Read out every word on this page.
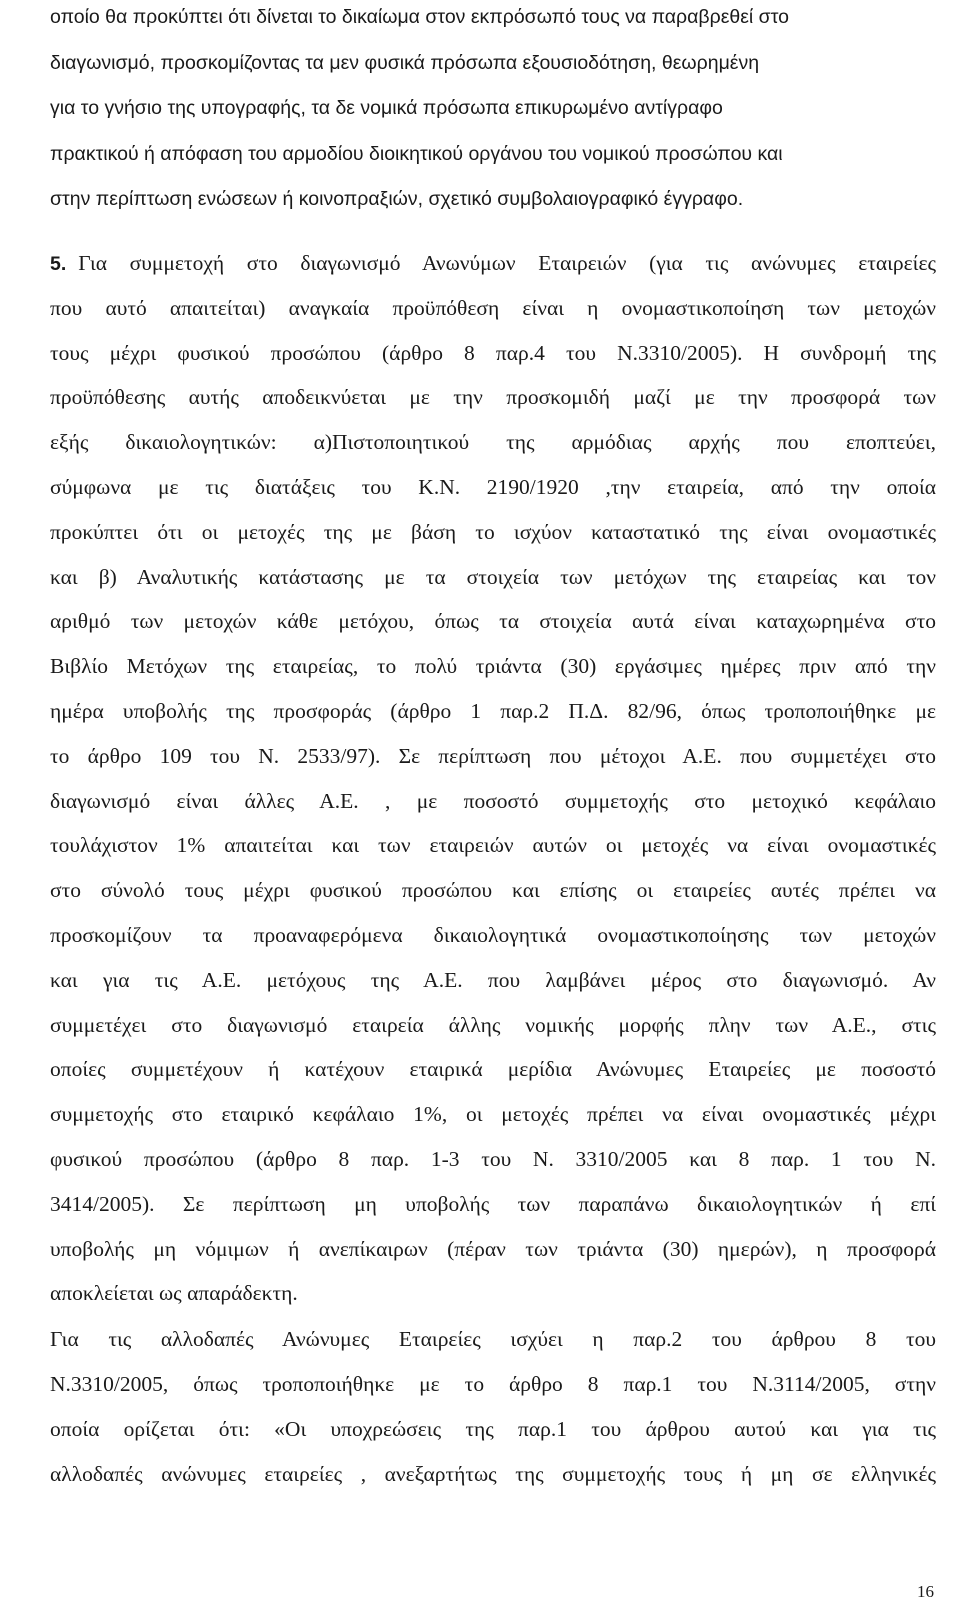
οποίο θα προκύπτει ότι δίνεται το δικαίωμα στον εκπρόσωπό τους να παραβρεθεί στο
διαγωνισμό, προσκομίζοντας τα μεν φυσικά πρόσωπα εξουσιοδότηση, θεωρημένη
για το γνήσιο της υπογραφής, τα δε νομικά πρόσωπα επικυρωμένο αντίγραφο
πρακτικού ή απόφαση του αρμοδίου διοικητικού οργάνου του νομικού προσώπου και
στην περίπτωση ενώσεων ή κοινοπραξιών, σχετικό συμβολαιογραφικό έγγραφο.
5. Για συμμετοχή στο διαγωνισμό Ανωνύμων Εταιρειών (για τις ανώνυμες εταιρείες
που αυτό απαιτείται) αναγκαία προϋπόθεση είναι η ονομαστικοποίηση των μετοχών
τους μέχρι φυσικού προσώπου (άρθρο 8 παρ.4 του Ν.3310/2005). Η συνδρομή της
προϋπόθεσης αυτής αποδεικνύεται με την προσκομιδή μαζί με την προσφορά των
εξής δικαιολογητικών: α)Πιστοποιητικού της αρμόδιας αρχής που εποπτεύει,
σύμφωνα με τις διατάξεις του Κ.Ν. 2190/1920 ,την εταιρεία, από την οποία
προκύπτει ότι οι μετοχές της με βάση το ισχύον καταστατικό της είναι ονομαστικές
και β) Αναλυτικής κατάστασης με τα στοιχεία των μετόχων της εταιρείας και τον
αριθμό των μετοχών κάθε μετόχου, όπως τα στοιχεία αυτά είναι καταχωρημένα στο
Βιβλίο Μετόχων της εταιρείας, το πολύ τριάντα (30) εργάσιμες ημέρες πριν από την
ημέρα υποβολής της προσφοράς (άρθρο 1 παρ.2 Π.Δ. 82/96, όπως τροποποιήθηκε με
το άρθρο 109 του Ν. 2533/97). Σε περίπτωση που μέτοχοι Α.Ε. που συμμετέχει στο
διαγωνισμό είναι άλλες Α.Ε. , με ποσοστό συμμετοχής στο μετοχικό κεφάλαιο
τουλάχιστον 1% απαιτείται και των εταιρειών αυτών οι μετοχές να είναι ονομαστικές
στο σύνολό τους μέχρι φυσικού προσώπου και επίσης οι εταιρείες αυτές πρέπει να
προσκομίζουν τα προαναφερόμενα δικαιολογητικά ονομαστικοποίησης των μετοχών
και για τις Α.Ε. μετόχους της Α.Ε. που λαμβάνει μέρος στο διαγωνισμό. Αν
συμμετέχει στο διαγωνισμό εταιρεία άλλης νομικής μορφής πλην των Α.Ε., στις
οποίες συμμετέχουν ή κατέχουν εταιρικά μερίδια Ανώνυμες Εταιρείες με ποσοστό
συμμετοχής στο εταιρικό κεφάλαιο 1%, οι μετοχές πρέπει να είναι ονομαστικές μέχρι
φυσικού προσώπου (άρθρο 8 παρ. 1-3 του Ν. 3310/2005 και 8 παρ. 1 του Ν.
3414/2005). Σε περίπτωση μη υποβολής των παραπάνω δικαιολογητικών ή επί
υποβολής μη νόμιμων ή ανεπίκαιρων (πέραν των τριάντα (30) ημερών), η προσφορά
αποκλείεται ως απαράδεκτη.
Για τις αλλοδαπές Ανώνυμες Εταιρείες ισχύει η παρ.2 του άρθρου 8 του
Ν.3310/2005, όπως τροποποιήθηκε με το άρθρο 8 παρ.1 του Ν.3114/2005, στην
οποία ορίζεται ότι: «Οι υποχρεώσεις της παρ.1 του άρθρου αυτού και για τις
αλλοδαπές ανώνυμες εταιρείες , ανεξαρτήτως της συμμετοχής τους ή μη σε ελληνικές
16
